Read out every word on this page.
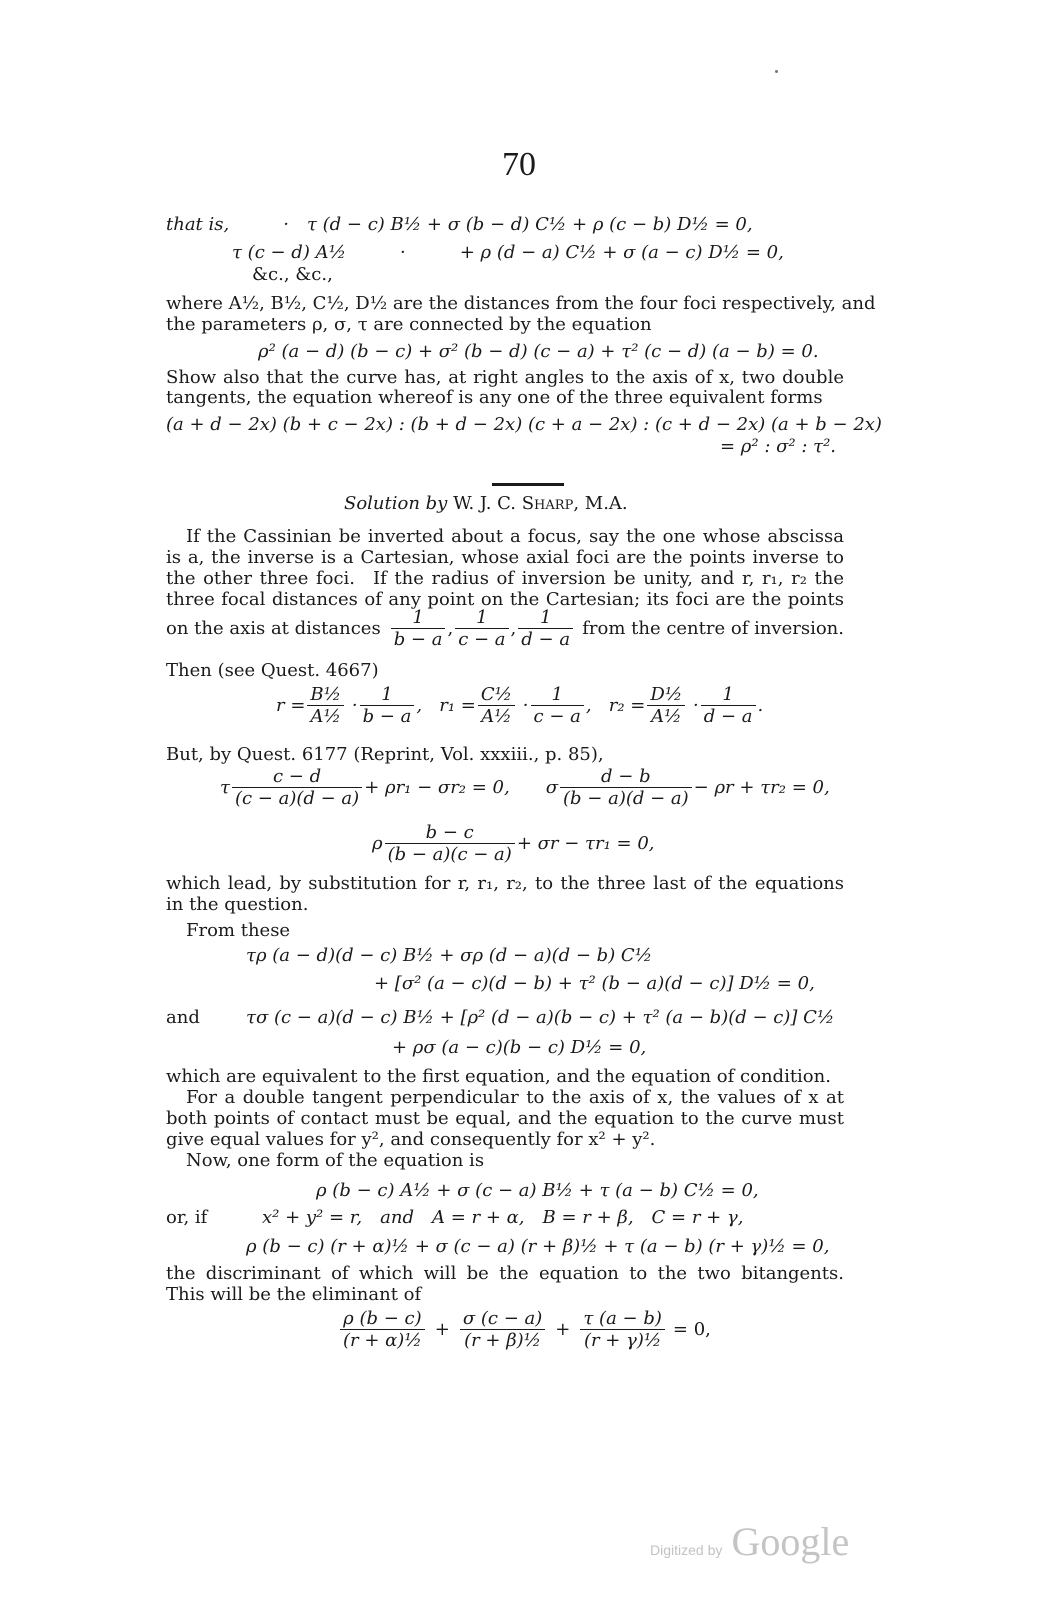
70
that is,   · τ (d − c) B½ + σ (b − d) C½ + ρ (c − b) D½ = 0,
τ (c − d) A½   ·   + ρ (d − a) C½ + σ (a − c) D½ = 0,
&c., &c.,
where A½, B½, C½, D½ are the distances from the four foci respectively, and
the parameters ρ, σ, τ are connected by the equation
ρ² (a − d) (b − c) + σ² (b − d) (c − a) + τ² (c − d) (a − b) = 0.
Show also that the curve has, at right angles to the axis of x, two double
tangents, the equation whereof is any one of the three equivalent forms
(a + d − 2x) (b + c − 2x) : (b + d − 2x) (c + a − 2x) : (c + d − 2x) (a + b − 2x)
= ρ² : σ² : τ².
Solution by W. J. C. Sharp, M.A.
If the Cassinian be inverted about a focus, say the one whose abscissa
is a, the inverse is a Cartesian, whose axial foci are the points inverse to
the other three foci. If the radius of inversion be unity, and r, r₁, r₂ the
three focal distances of any point on the Cartesian; its foci are the points
on the axis at distances $\frac{1}{b - a}$ , $\frac{1}{c - a}$ , $\frac{1}{d - a}$ from the centre of inversion.
Then (see Quest. 4667)
$r = \frac{\text{B½}}{\text{A½}} \cdot \frac{1}{b - a}$ , $r_1 = \frac{\text{C½}}{\text{A½}} \cdot \frac{1}{c - a}$ , $r_2 = \frac{\text{D½}}{\text{A½}} \cdot \frac{1}{d - a}$ .
But, by Quest. 6177 (Reprint, Vol. xxxiii., p. 85),
τ $\frac{c - d}{(c - a)(d - a)} + \rho r_1 - \sigma r_2 = 0$,  σ $\frac{d - b}{(b - a)(d - a)} - \rho r + \tau r_2 = 0$,
ρ $\frac{b - c}{(b - a)(c - a)} + \sigma r - \tau r_1 = 0$,
which lead, by substitution for r, r₁, r₂, to the three last of the equations
in the question.
From these
τρ (a − d)(d − c) B½ + σρ (d − a)(d − b) C½
+ [σ² (a − c)(d − b) + τ² (b − a)(d − c)] D½ = 0,
and	τσ (c − a)(d − c) B½ + [ρ² (d − a)(b − c) + τ² (a − b)(d − c)] C½
+ ρσ (a − c)(b − c) D½ = 0,
which are equivalent to the first equation, and the equation of condition.
For a double tangent perpendicular to the axis of x, the values of x at
both points of contact must be equal, and the equation to the curve must
give equal values for y², and consequently for x² + y².
Now, one form of the equation is
ρ (b − c) A½ + σ (c − a) B½ + τ (a − b) C½ = 0,
or, if	x² + y² = r, and A = r + α, B = r + β, C = r + γ,
ρ (b − c) (r + α)½ + σ (c − a) (r + β)½ + τ (a − b) (r + γ)½ = 0,
the discriminant of which will be the equation to the two bitangents.
This will be the eliminant of
$\frac{\rho (b - c)}{\text{(r + α)½}} + \frac{\sigma (c - a)}{\text{(r + β)½}} + \frac{\tau (a - b)}{\text{(r + γ)½}} = 0$,
Digitized by Google
